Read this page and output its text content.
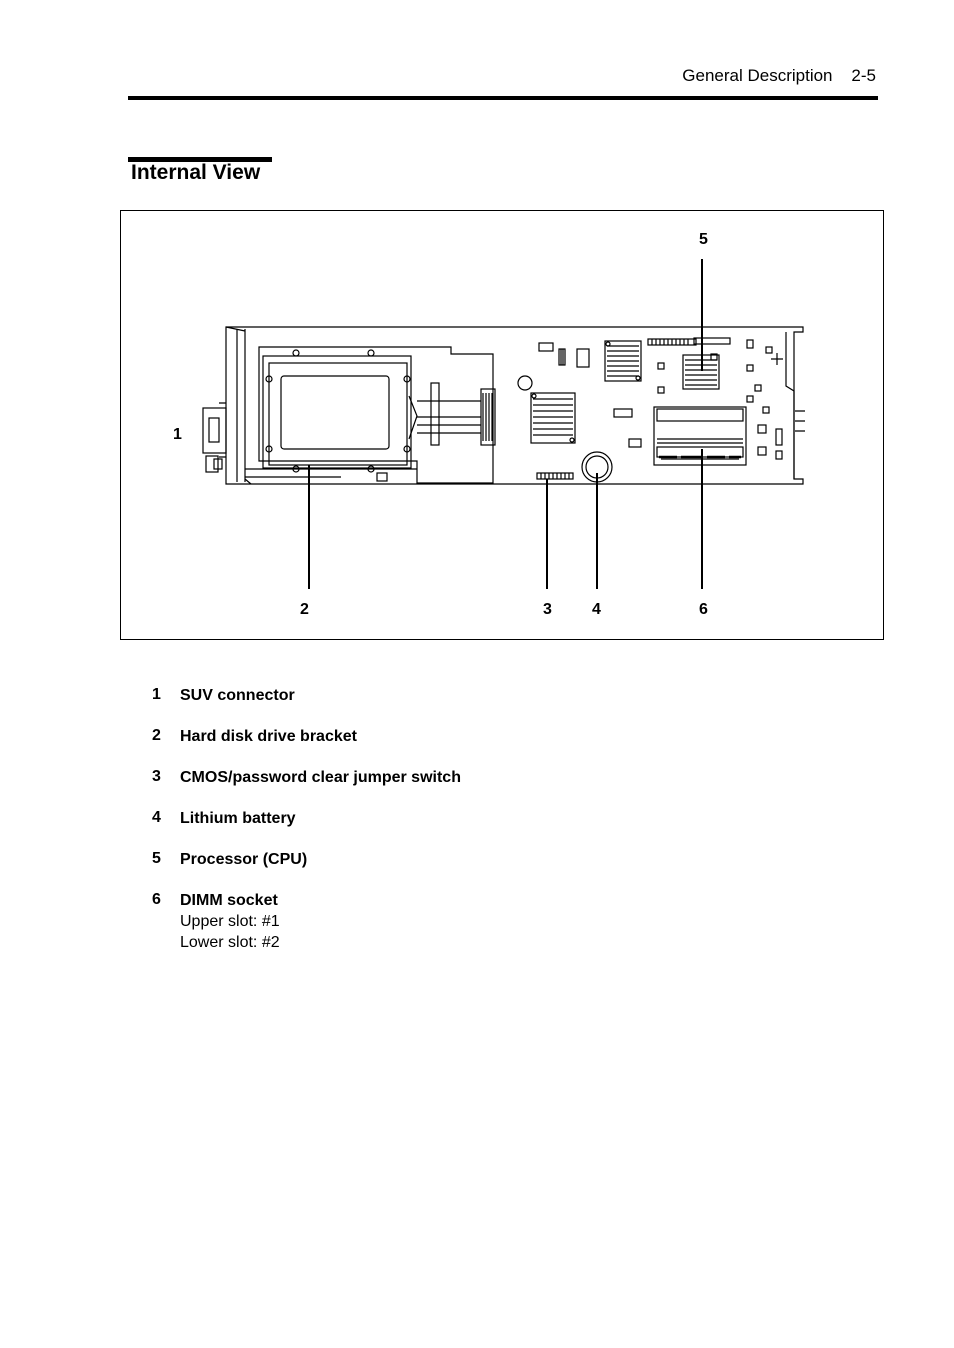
General Description 2-5
Internal View
1
2	3	4
5
6
1 SUV connector
2 Hard disk drive bracket
3 CMOS/password clear jumper switch
4 Lithium battery
5 Processor (CPU)
6 DIMM socket
Upper slot: #1
Lower slot: #2
